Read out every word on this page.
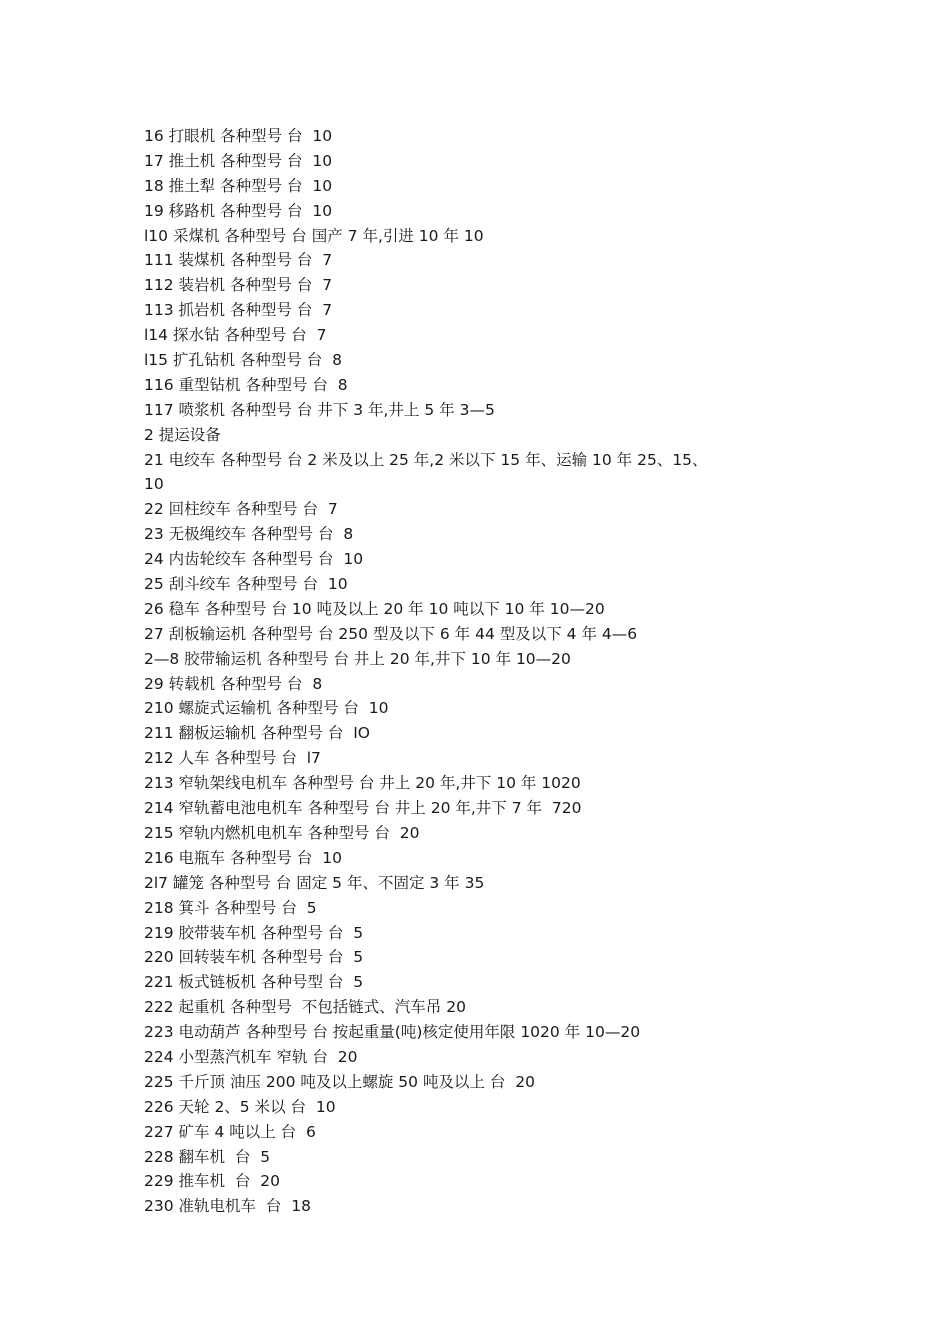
16 打眼机 各种型号 台  10
17 推土机 各种型号 台  10
18 推土犁 各种型号 台  10
19 移路机 各种型号 台  10
l10 采煤机 各种型号 台 国产 7 年,引进 10 年 10
111 装煤机 各种型号 台  7
112 装岩机 各种型号 台  7
113 抓岩机 各种型号 台  7
l14 探水钻 各种型号 台  7
l15 扩孔钻机 各种型号 台  8
116 重型钻机 各种型号 台  8
117 喷浆机 各种型号 台 井下 3 年,井上 5 年 3—5
2 提运设备
21 电绞车 各种型号 台 2 米及以上 25 年,2 米以下 15 年、运输 10 年 25、15、
10
22 回柱绞车 各种型号 台  7
23 无极绳绞车 各种型号 台  8
24 内齿轮绞车 各种型号 台  10
25 刮斗绞车 各种型号 台  10
26 稳车 各种型号 台 10 吨及以上 20 年 10 吨以下 10 年 10—20
27 刮板输运机 各种型号 台 250 型及以下 6 年 44 型及以下 4 年 4—6
2—8 胶带输运机 各种型号 台 井上 20 年,井下 10 年 10—20
29 转载机 各种型号 台  8
210 螺旋式运输机 各种型号 台  10
211 翻板运输机 各种型号 台  IO
212 人车 各种型号 台  l7
213 窄轨架线电机车 各种型号 台 井上 20 年,井下 10 年 1020
214 窄轨蓄电池电机车 各种型号 台 井上 20 年,井下 7 年  720
215 窄轨内燃机电机车 各种型号 台  20
216 电瓶车 各种型号 台  10
2l7 罐笼 各种型号 台 固定 5 年、不固定 3 年 35
218 箕斗 各种型号 台  5
219 胶带装车机 各种型号 台  5
220 回转装车机 各种型号 台  5
221 板式链板机 各种号型 台  5
222 起重机 各种型号  不包括链式、汽车吊 20
223 电动葫芦 各种型号 台 按起重量(吨)核定使用年限 1020 年 10—20
224 小型蒸汽机车 窄轨 台  20
225 千斤顶 油压 200 吨及以上螺旋 50 吨及以上 台  20
226 天轮 2、5 米以 台  10
227 矿车 4 吨以上 台  6
228 翻车机  台  5
229 推车机  台  20
230 准轨电机车  台  18
